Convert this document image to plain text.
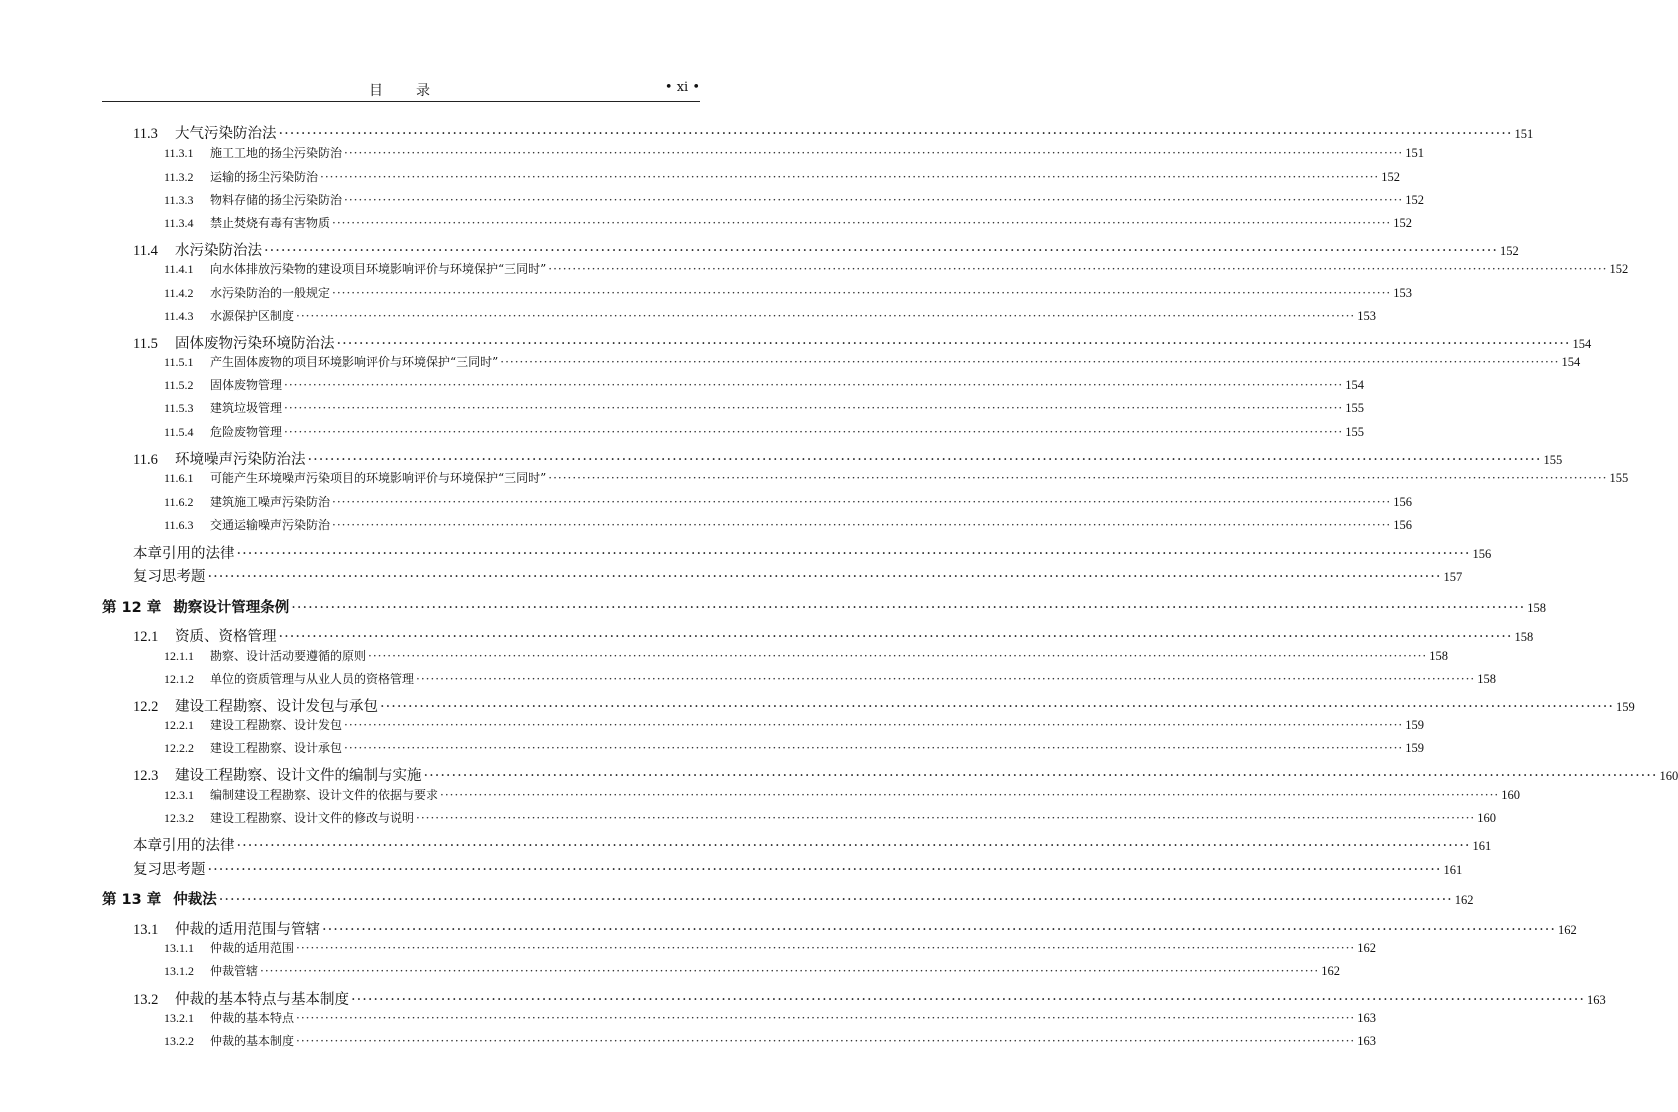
目 录	• xi •
11.3	大气污染防治法 ···························································································································································································································· 151
11.3.1	施工工地的扬尘污染防治 ···························································································································································································································· 151
11.3.2	运输的扬尘污染防治 ···························································································································································································································· 152
11.3.3	物料存储的扬尘污染防治 ···························································································································································································································· 152
11.3.4	禁止焚烧有毒有害物质 ···························································································································································································································· 152
11.4	水污染防治法 ···························································································································································································································· 152
11.4.1	向水体排放污染物的建设项目环境影响评价与环境保护“三同时” ···························································································································································································································· 152
11.4.2	水污染防治的一般规定 ···························································································································································································································· 153
11.4.3	水源保护区制度 ···························································································································································································································· 153
11.5	固体废物污染环境防治法 ···························································································································································································································· 154
11.5.1	产生固体废物的项目环境影响评价与环境保护“三同时” ···························································································································································································································· 154
11.5.2	固体废物管理 ···························································································································································································································· 154
11.5.3	建筑垃圾管理 ···························································································································································································································· 155
11.5.4	危险废物管理 ···························································································································································································································· 155
11.6	环境噪声污染防治法 ···························································································································································································································· 155
11.6.1	可能产生环境噪声污染项目的环境影响评价与环境保护“三同时” ···························································································································································································································· 155
11.6.2	建筑施工噪声污染防治 ···························································································································································································································· 156
11.6.3	交通运输噪声污染防治 ···························································································································································································································· 156
本章引用的法律 ···························································································································································································································· 156
复习思考题 ···························································································································································································································· 157
第 12 章 勘察设计管理条例 ···························································································································································································································· 158
12.1	资质、资格管理 ···························································································································································································································· 158
12.1.1	勘察、设计活动要遵循的原则 ···························································································································································································································· 158
12.1.2	单位的资质管理与从业人员的资格管理 ···························································································································································································································· 158
12.2	建设工程勘察、设计发包与承包 ···························································································································································································································· 159
12.2.1	建设工程勘察、设计发包 ···························································································································································································································· 159
12.2.2	建设工程勘察、设计承包 ···························································································································································································································· 159
12.3	建设工程勘察、设计文件的编制与实施 ···························································································································································································································· 160
12.3.1	编制建设工程勘察、设计文件的依据与要求 ···························································································································································································································· 160
12.3.2	建设工程勘察、设计文件的修改与说明 ···························································································································································································································· 160
本章引用的法律 ···························································································································································································································· 161
复习思考题 ···························································································································································································································· 161
第 13 章 仲裁法 ···························································································································································································································· 162
13.1	仲裁的适用范围与管辖 ···························································································································································································································· 162
13.1.1	仲裁的适用范围 ···························································································································································································································· 162
13.1.2	仲裁管辖 ···························································································································································································································· 162
13.2	仲裁的基本特点与基本制度 ···························································································································································································································· 163
13.2.1	仲裁的基本特点 ···························································································································································································································· 163
13.2.2	仲裁的基本制度 ···························································································································································································································· 163
